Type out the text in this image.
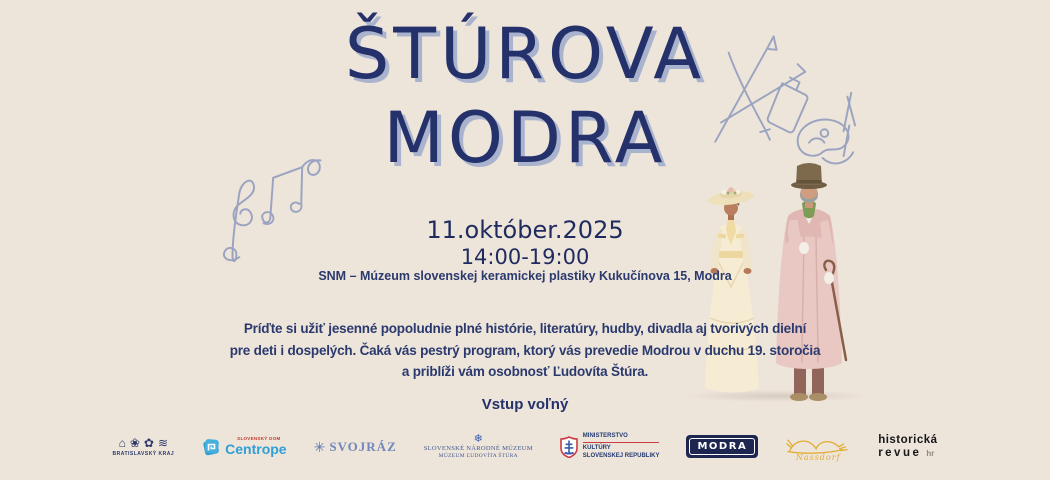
ŠTÚROVA
MODRA
11.október.2025
14:00-19:00
SNM – Múzeum slovenskej keramickej plastiky Kukučínova 15, Modra
Príďte si užiť jesenné popoludnie plné histórie, literatúry, hudby, divadla aj tvorivých dielní
pre deti i dospelých. Čaká vás pestrý program, ktorý vás prevedie Modrou v duchu 19. storočia
a priblíži vám osobnosť Ľudovíta Štúra.
Vstup voľný
⌂ ❀ ✿ ≋
BRATISLAVSKÝ KRAJ
SLOVENSKÝ DOM
Centrope ✳ SVOJRÁZ	❄
SLOVENSKÉ NÁRODNÉ MÚZEUM
MÚZEUM ĽUDOVÍTA ŠTÚRA
MINISTERSTVO
KULTÚRY
SLOVENSKEJ REPUBLIKY
MODRA
Nassdorf
historická
revue hr
